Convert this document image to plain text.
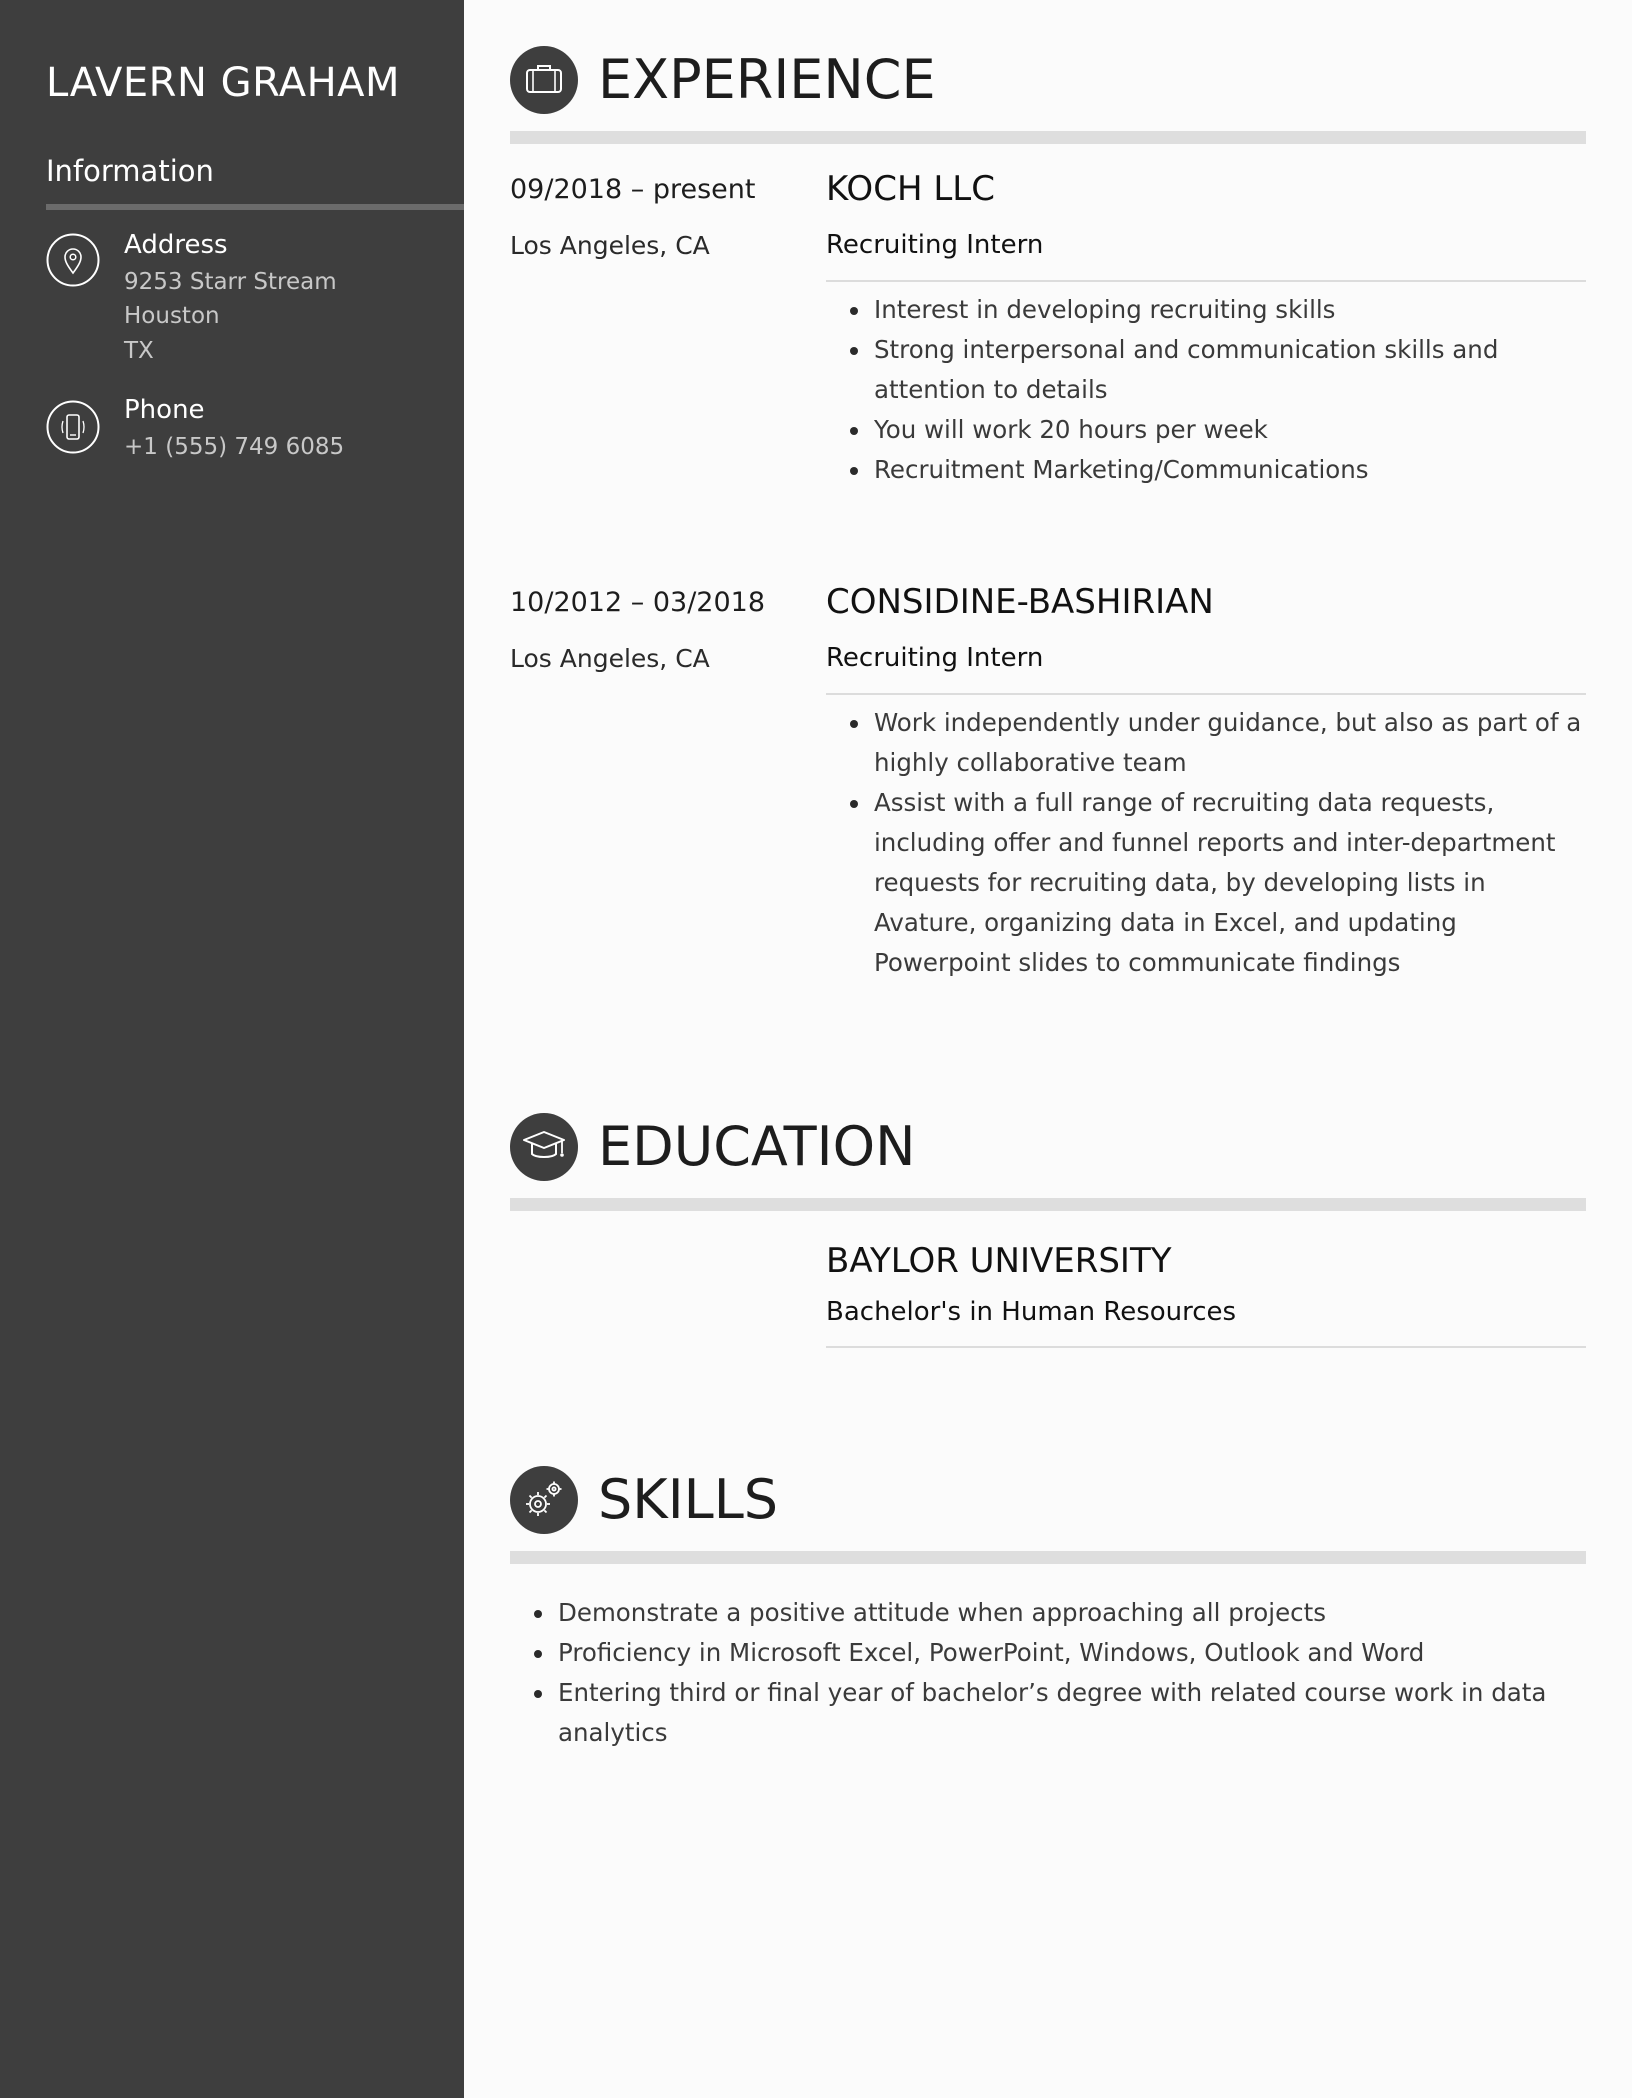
LAVERN GRAHAM
Information
Address
9253 Starr Stream
Houston
TX
Phone
+1 (555) 749 6085
EXPERIENCE
09/2018 – present
Los Angeles, CA
KOCH LLC
Recruiting Intern
Interest in developing recruiting skills
Strong interpersonal and communication skills and attention to details
You will work 20 hours per week
Recruitment Marketing/Communications
10/2012 – 03/2018
Los Angeles, CA
CONSIDINE-BASHIRIAN
Recruiting Intern
Work independently under guidance, but also as part of a highly collaborative team
Assist with a full range of recruiting data requests, including offer and funnel reports and inter-department requests for recruiting data, by developing lists in Avature, organizing data in Excel, and updating Powerpoint slides to communicate findings
EDUCATION
BAYLOR UNIVERSITY
Bachelor's in Human Resources
SKILLS
Demonstrate a positive attitude when approaching all projects
Proficiency in Microsoft Excel, PowerPoint, Windows, Outlook and Word
Entering third or final year of bachelor’s degree with related course work in data analytics
